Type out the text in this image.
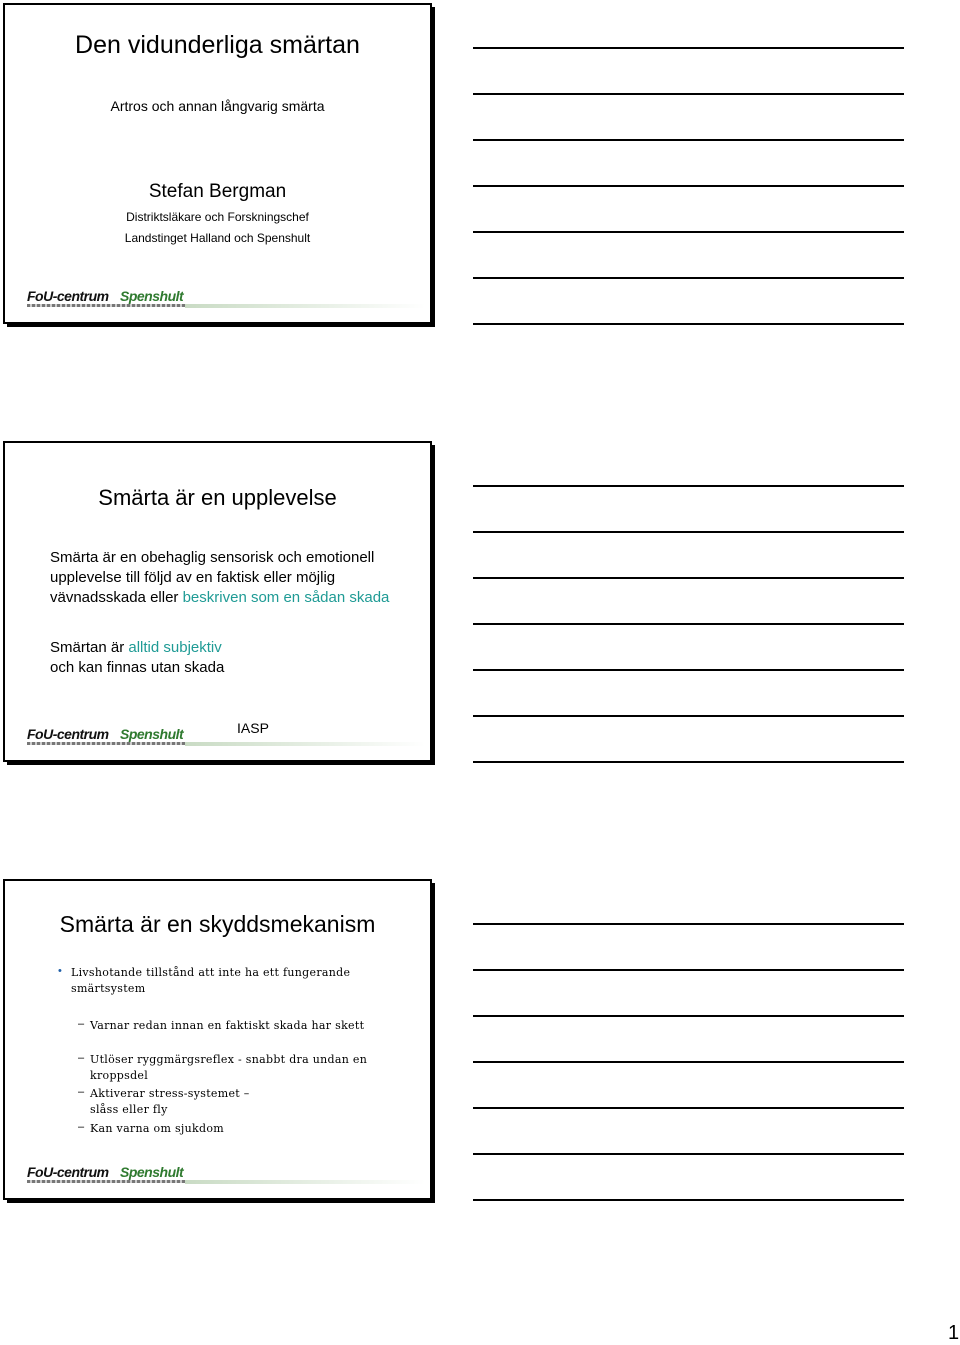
Den vidunderliga smärtan
Artros och annan långvarig smärta
Stefan Bergman
Distriktsläkare och Forskningschef
Landstinget Halland och Spenshult
FoU-centrum Spenshult
Smärta är en upplevelse
Smärta är en obehaglig sensorisk och emotionell upplevelse till följd av en faktisk eller möjlig vävnadsskada eller beskriven som en sådan skada
Smärtan är alltid subjektiv
och kan finnas utan skada
FoU-centrum Spenshult	IASP
Smärta är en skyddsmekanism
• Livshotande tillstånd att inte ha ett fungerande smärtsystem
– Varnar redan innan en faktiskt skada har skett
– Utlöser ryggmärgsreflex - snabbt dra undan en kroppsdel
– Aktiverar stress-systemet – slåss eller fly
– Kan varna om sjukdom
FoU-centrum Spenshult
1
